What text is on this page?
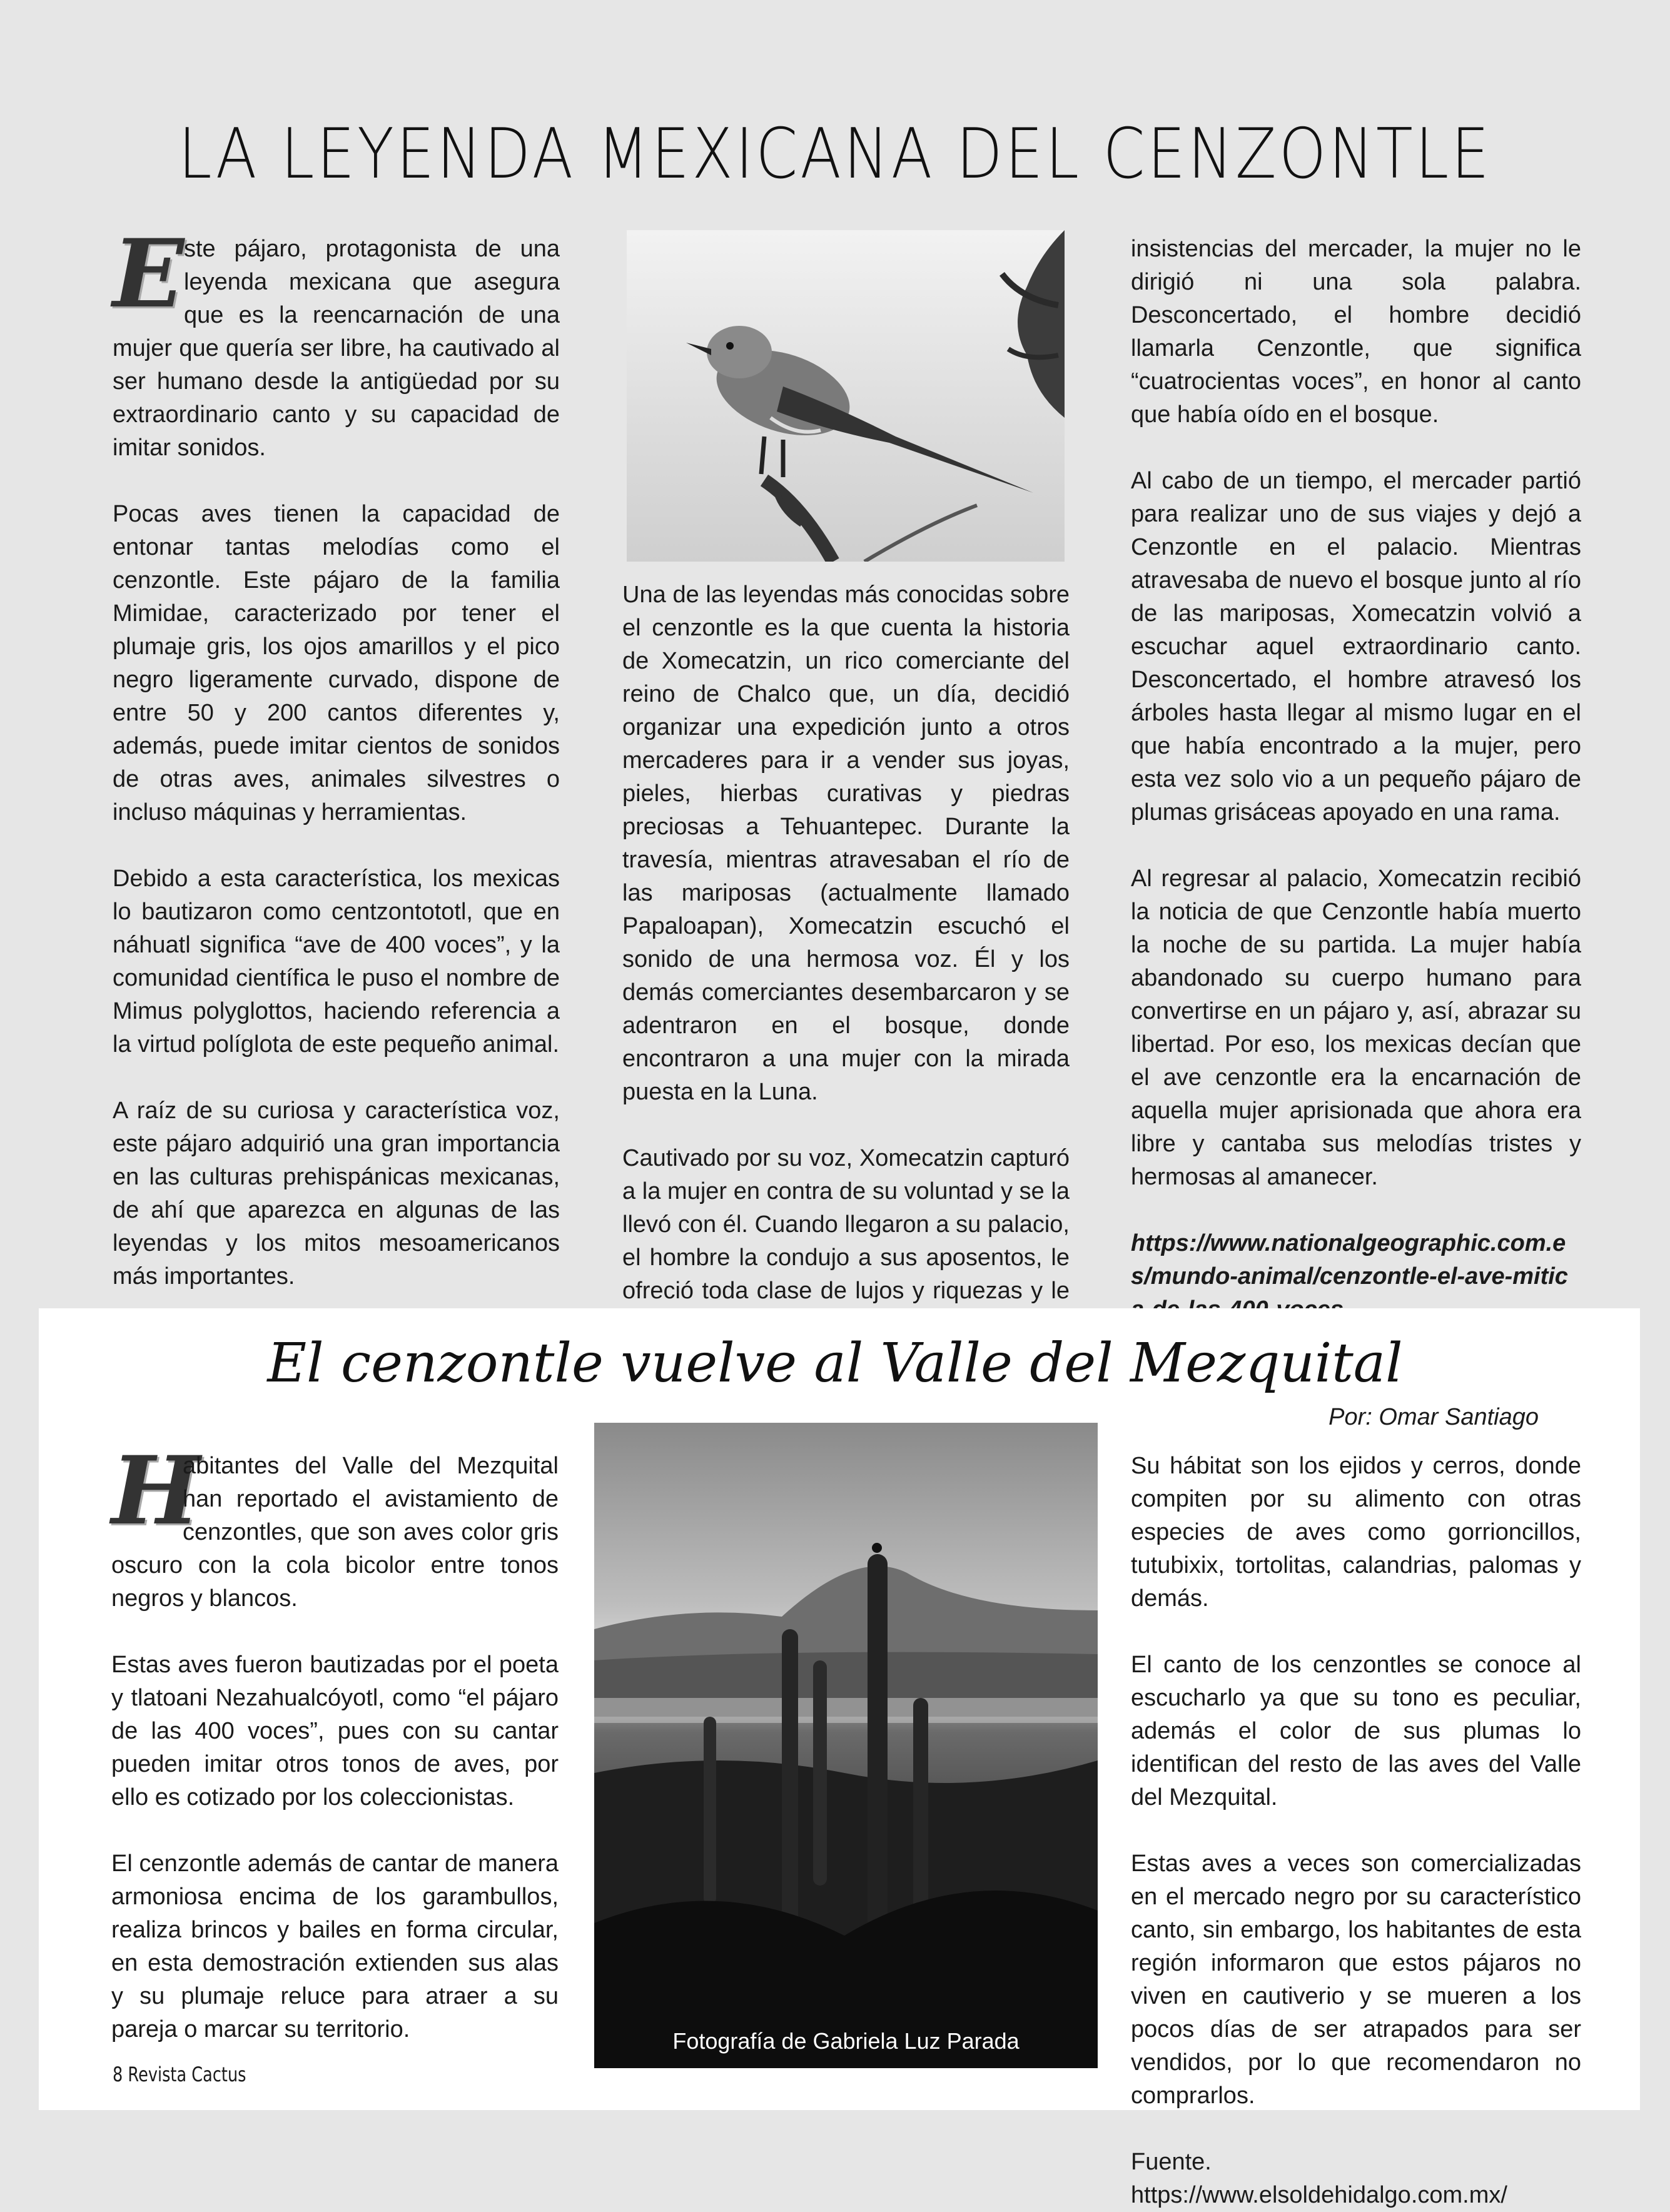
LA LEYENDA MEXICANA DEL CENZONTLE

Este pájaro, protagonista de una leyenda mexicana que asegura que es la reencarnación de una mujer que quería ser libre, ha cautivado al ser humano desde la antigüedad por su extraordinario canto y su capacidad de imitar sonidos.

Pocas aves tienen la capacidad de entonar tantas melodías como el cenzontle. Este pájaro de la familia Mimidae, caracterizado por tener el plumaje gris, los ojos amarillos y el pico negro ligeramente curvado, dispone de entre 50 y 200 cantos diferentes y, además, puede imitar cientos de sonidos de otras aves, animales silvestres o incluso máquinas y herramientas.

Debido a esta característica, los mexicas lo bautizaron como centzontototl, que en náhuatl significa “ave de 400 voces”, y la comunidad científica le puso el nombre de Mimus polyglottos, haciendo referencia a la virtud políglota de este pequeño animal.

A raíz de su curiosa y característica voz, este pájaro adquirió una gran importancia en las culturas prehispánicas mexicanas, de ahí que aparezca en algunas de las leyendas y los mitos mesoamericanos más importantes.

Una de las leyendas más conocidas sobre el cenzontle es la que cuenta la historia de Xomecatzin, un rico comerciante del reino de Chalco que, un día, decidió organizar una expedición junto a otros mercaderes para ir a vender sus joyas, pieles, hierbas curativas y piedras preciosas a Tehuantepec. Durante la travesía, mientras atravesaban el río de las mariposas (actualmente llamado Papaloapan), Xomecatzin escuchó el sonido de una hermosa voz. Él y los demás comerciantes desembarcaron y se adentraron en el bosque, donde encontraron a una mujer con la mirada puesta en la Luna.

Cautivado por su voz, Xomecatzin capturó a la mujer en contra de su voluntad y se la llevó con él. Cuando llegaron a su palacio, el hombre la condujo a sus aposentos, le ofreció toda clase de lujos y riquezas y le

insistencias del mercader, la mujer no le dirigió ni una sola palabra. Desconcertado, el hombre decidió llamarla Cenzontle, que significa “cuatrocientas voces”, en honor al canto que había oído en el bosque.

Al cabo de un tiempo, el mercader partió para realizar uno de sus viajes y dejó a Cenzontle en el palacio. Mientras atravesaba de nuevo el bosque junto al río de las mariposas, Xomecatzin volvió a escuchar aquel extraordinario canto. Desconcertado, el hombre atravesó los árboles hasta llegar al mismo lugar en el que había encontrado a la mujer, pero esta vez solo vio a un pequeño pájaro de plumas grisáceas apoyado en una rama.

Al regresar al palacio, Xomecatzin recibió la noticia de que Cenzontle había muerto la noche de su partida. La mujer había abandonado su cuerpo humano para convertirse en un pájaro y, así, abrazar su libertad. Por eso, los mexicas decían que el ave cenzontle era la encarnación de aquella mujer aprisionada que ahora era libre y cantaba sus melodías tristes y hermosas al amanecer.

https://www.nationalgeographic.com.es/mundo-animal/cenzontle-el-ave-mitic

El cenzontle vuelve al Valle del Mezquital
Por: Omar Santiago

H
abitantes del Valle del Mezquital han reportado el avistamiento de cenzontles, que son aves color gris oscuro con la cola bicolor entre tonos negros y blancos.

Estas aves fueron bautizadas por el poeta y tlatoani Nezahualcóyotl, como “el pájaro de las 400 voces”, pues con su cantar pueden imitar otros tonos de aves, por ello es cotizado por los coleccionistas.

El cenzontle además de cantar de manera armoniosa encima de los garambullos, realiza brincos y bailes en forma circular, en esta demostración extienden sus alas y su plumaje reluce para atraer a su pareja o marcar su territorio.	Fotografía de Gabriela Luz Parada

Su hábitat son los ejidos y cerros, donde compiten por su alimento con otras especies de aves como gorrioncillos, tutubixix, tortolitas, calandrias, palomas y demás.

El canto de los cenzontles se conoce al escucharlo ya que su tono es peculiar, además el color de sus plumas lo identifican del resto de las aves del Valle del Mezquital.

Estas aves a veces son comercializadas en el mercado negro por su característico canto, sin embargo, los habitantes de esta región informaron que estos pájaros no viven en cautiverio y se mueren a los pocos días de ser atrapados para ser vendidos, por lo que recomendaron no comprarlos.

Fuente. https://www.elsoldehidalgo.com.mx/

8 Revista Cactus
